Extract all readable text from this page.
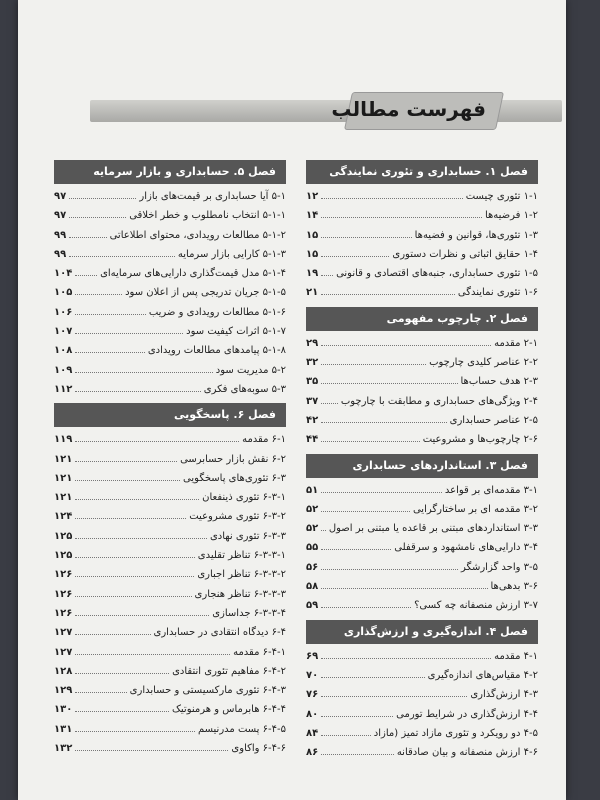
فهرست مطالب
فصل ۱. حسابداری و تئوری نمایندگی
۱-۱ تئوری چیست
۱۲
۱-۲ فرضیه‌ها
۱۴
۱-۳ تئوری‌ها، قوانین و فضیه‌ها
۱۵
۱-۴ حقایق اثباتی و نظرات دستوری
۱۵
۱-۵ تئوری حسابداری، جنبه‌های اقتصادی و قانونی
۱۹
۱-۶ تئوری نمایندگی
۲۱
فصل ۲. چارچوب مفهومی
۲-۱ مقدمه
۲۹
۲-۲ عناصر کلیدی چارچوب
۳۲
۲-۳ هدف حساب‌ها
۳۵
۲-۴ ویژگی‌های حسابداری و مطابقت با چارچوب
۳۷
۲-۵ عناصر حسابداری
۴۲
۲-۶ چارچوب‌ها و مشروعیت
۴۴
فصل ۳. استانداردهای حسابداری
۳-۱ مقدمه‌ای بر قواعد
۵۱
۳-۲ مقدمه ای بر ساختارگرایی
۵۲
۳-۳ استانداردهای مبتنی بر قاعده یا مبتنی بر اصول
۵۲
۳-۴ دارایی‌های نامشهود و سرقفلی
۵۵
۳-۵ واحد گزارشگر
۵۶
۳-۶ بدهی‌ها
۵۸
۳-۷ ارزش منصفانه چه کسی؟
۵۹
فصل ۴. اندازه‌گیری و ارزش‌گذاری
۴-۱ مقدمه
۶۹
۴-۲ مقیاس‌های اندازه‌گیری
۷۰
۴-۳ ارزش‌گذاری
۷۶
۴-۴ ارزش‌گذاری در شرایط تورمی
۸۰
۴-۵ دو رویکرد و تئوری مازاد تمیز (مازاد
۸۴
۴-۶ ارزش منصفانه و بیان صادقانه
۸۶
فصل ۵. حسابداری و بازار سرمایه
۵-۱ آیا حسابداری بر قیمت‌های بازار
۹۷
۵-۱-۱ انتخاب نامطلوب و خطر اخلاقی
۹۷
۵-۱-۲ مطالعات رویدادی، محتوای اطلاعاتی
۹۹
۵-۱-۳ کارایی بازار سرمایه
۹۹
۵-۱-۴ مدل قیمت‌گذاری دارایی‌های سرمایه‌ای
۱۰۴
۵-۱-۵ جریان تدریجی پس از اعلان سود
۱۰۵
۵-۱-۶ مطالعات رویدادی و ضریب
۱۰۶
۵-۱-۷ اثرات کیفیت سود
۱۰۷
۵-۱-۸ پیامدهای مطالعات رویدادی
۱۰۸
۵-۲ مدیریت سود
۱۰۹
۵-۳ سوبه‌های فکری
۱۱۲
فصل ۶. پاسخگویی
۶-۱ مقدمه
۱۱۹
۶-۲ نقش بازار حسابرسی
۱۲۱
۶-۳ تئوری‌های پاسخگویی
۱۲۱
۶-۳-۱ تئوری ذینفعان
۱۲۱
۶-۳-۲ تئوری مشروعیت
۱۲۴
۶-۳-۳ تئوری نهادی
۱۲۵
۶-۳-۳-۱ تناظر تقلیدی
۱۲۵
۶-۳-۳-۲ تناظر اجباری
۱۲۶
۶-۳-۳-۳ تناظر هنجاری
۱۲۶
۶-۳-۳-۴ جداسازی
۱۲۶
۶-۴ دیدگاه انتقادی در حسابداری
۱۲۷
۶-۴-۱ مقدمه
۱۲۷
۶-۴-۲ مفاهیم تئوری انتقادی
۱۲۸
۶-۴-۳ تئوری مارکسیستی و حسابداری
۱۲۹
۶-۴-۴ هابرماس و هرمنوتیک
۱۳۰
۶-۴-۵ پست مدرنیسم
۱۳۱
۶-۴-۶ واکاوی
۱۳۲
